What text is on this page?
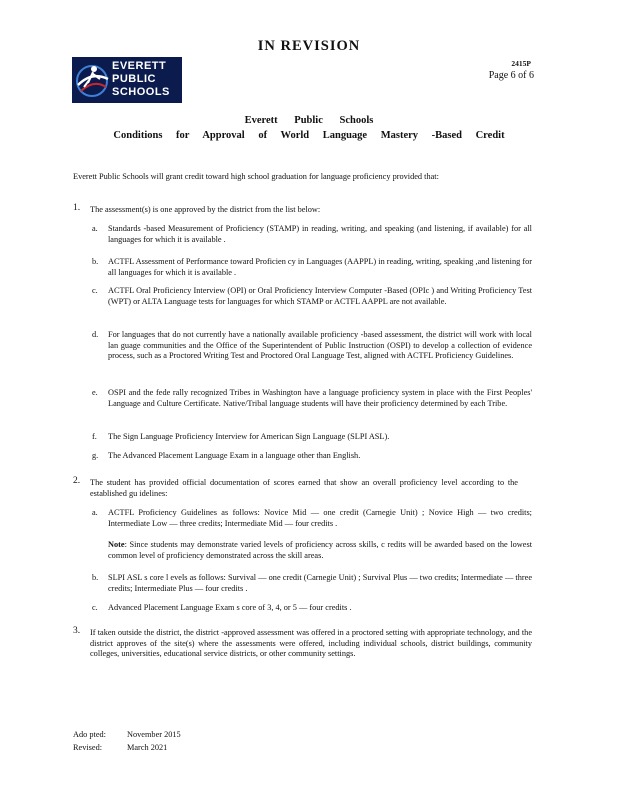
IN REVISION
EVERETT
PUBLIC
SCHOOLS
2415P
Page 6 of 6
Everett Public Schools
Conditions for Approval of World Language Mastery -Based Credit
Everett Public Schools will grant credit toward high school graduation for language proficiency provided that:
1. The assessment(s) is one approved by the district from the list below:
a. Standards -based Measurement of Proficiency (STAMP) in reading, writing, and speaking (and listening, if available) for all languages for which it is available .
b. ACTFL Assessment of Performance toward Proficien cy in Languages (AAPPL) in reading, writing, speaking ,and listening for all languages for which it is available .
c. ACTFL Oral Proficiency Interview (OPI) or Oral Proficiency Interview Computer -Based (OPIc ) and Writing Proficiency Test (WPT) or ALTA Language tests for languages for which STAMP or ACTFL AAPPL are not available.
d. For languages that do not currently have a nationally available proficiency -based assessment, the district will work with local lan guage communities and the Office of the Superintendent of Public Instruction (OSPI) to develop a collection of evidence process, such as a Proctored Writing Test and Proctored Oral Language Test, aligned with ACTFL Proficiency Guidelines.
e. OSPI and the fede rally recognized Tribes in Washington have a language proficiency system in place with the First Peoples' Language and Culture Certificate. Native/Tribal language students will have their proficiency determined by each Tribe.
f. The Sign Language Proficiency Interview for American Sign Language (SLPI ASL).
g. The Advanced Placement Language Exam in a language other than English.
2. The student has provided official documentation of scores earned that show an overall proficiency level according to the established gu idelines:
a. ACTFL Proficiency Guidelines as follows: Novice Mid — one credit (Carnegie Unit) ; Novice High — two credits; Intermediate Low — three credits; Intermediate Mid — four credits .
Note: Since students may demonstrate varied levels of proficiency across skills, c redits will be awarded based on the lowest common level of proficiency demonstrated across the skill areas.
b. SLPI ASL s core l evels as follows: Survival — one credit (Carnegie Unit) ; Survival Plus — two credits; Intermediate — three credits; Intermediate Plus — four credits .
c. Advanced Placement Language Exam s core of 3, 4, or 5 — four credits .
3. If taken outside the district, the district -approved assessment was offered in a proctored setting with appropriate technology, and the district approves of the site(s) where the assessments were offered, including individual schools, district buildings, community colleges, universities, educational service districts, or other community settings.
Ado pted:	November 2015
Revised:	March 2021
